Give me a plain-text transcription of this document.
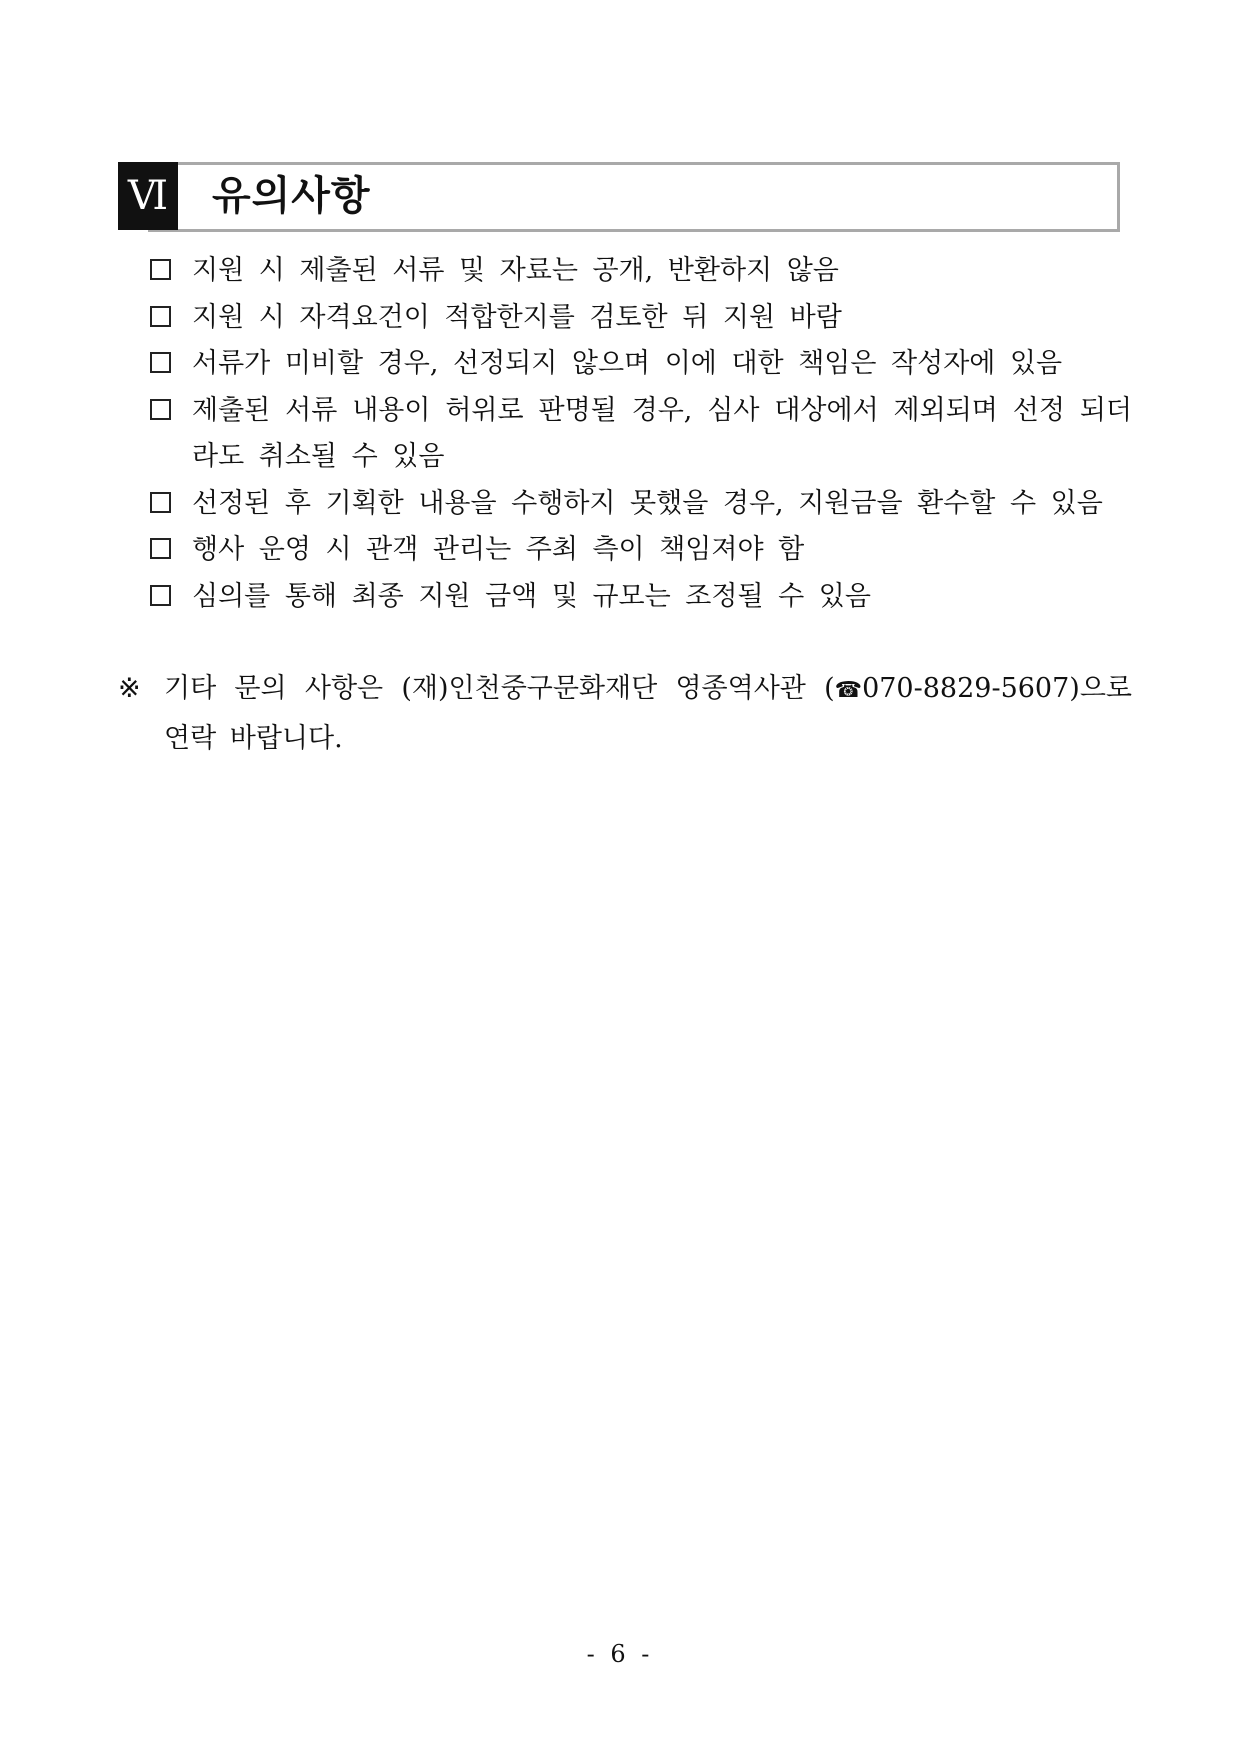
Ⅵ 유의사항
지원 시 제출된 서류 및 자료는 공개, 반환하지 않음
지원 시 자격요건이 적합한지를 검토한 뒤 지원 바람
서류가 미비할 경우, 선정되지 않으며 이에 대한 책임은 작성자에 있음
제출된 서류 내용이 허위로 판명될 경우, 심사 대상에서 제외되며 선정 되더라도 취소될 수 있음
선정된 후 기획한 내용을 수행하지 못했을 경우, 지원금을 환수할 수 있음
행사 운영 시 관객 관리는 주최 측이 책임져야 함
심의를 통해 최종 지원 금액 및 규모는 조정될 수 있음
※ 기타 문의 사항은 (재)인천중구문화재단 영종역사관 (☎070-8829-5607)으로 연락 바랍니다.
- 6 -
